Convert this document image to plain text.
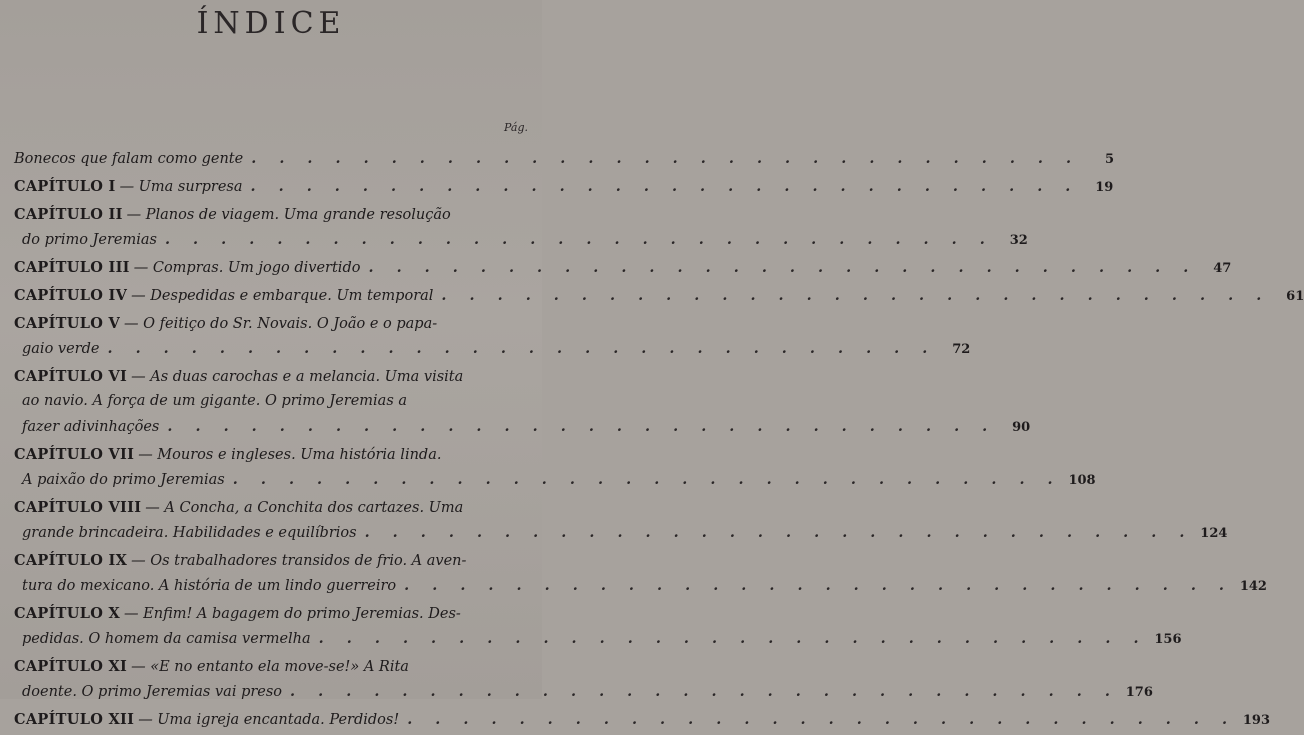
ÍNDICE
Pág.
Bonecos que falam como gente . . . . . . . . . . . . . . . . . . . . . . . . . . . . . .	5
CAPÍTULO I — Uma surpresa . . . . . . . . . . . . . . . . . . . . . . . . . . . . . .	19
CAPÍTULO II — Planos de viagem. Uma grande resolução
do primo Jeremias . . . . . . . . . . . . . . . . . . . . . . . . . . . . . .	32
CAPÍTULO III — Compras. Um jogo divertido . . . . . . . . . . . . . . . . . . . . . . . . . . . . . .	47
CAPÍTULO IV — Despedidas e embarque. Um temporal . . . . . . . . . . . . . . . . . . . . . . . . . . . . . .	61
CAPÍTULO V — O feitiço do Sr. Novais. O João e o papa-
gaio verde . . . . . . . . . . . . . . . . . . . . . . . . . . . . . .	72
CAPÍTULO VI — As duas carochas e a melancia. Uma visita
ao navio. A força de um gigante. O primo Jeremias a
fazer adivinhações . . . . . . . . . . . . . . . . . . . . . . . . . . . . . .	90
CAPÍTULO VII — Mouros e ingleses. Uma história linda.
A paixão do primo Jeremias . . . . . . . . . . . . . . . . . . . . . . . . . . . . . . 108
CAPÍTULO VIII — A Concha, a Conchita dos cartazes. Uma
grande brincadeira. Habilidades e equilíbrios . . . . . . . . . . . . . . . . . . . . . . . . . . . . . . 124
CAPÍTULO IX — Os trabalhadores transidos de frio. A aven-
tura do mexicano. A história de um lindo guerreiro . . . . . . . . . . . . . . . . . . . . . . . . . . . . . . 142
CAPÍTULO X — Enfim! A bagagem do primo Jeremias. Des-
pedidas. O homem da camisa vermelha . . . . . . . . . . . . . . . . . . . . . . . . . . . . . . 156
CAPÍTULO XI — «E no entanto ela move-se!» A Rita
doente. O primo Jeremias vai preso . . . . . . . . . . . . . . . . . . . . . . . . . . . . . . 176
CAPÍTULO XII — Uma igreja encantada. Perdidos! . . . . . . . . . . . . . . . . . . . . . . . . . . . . . . 193
